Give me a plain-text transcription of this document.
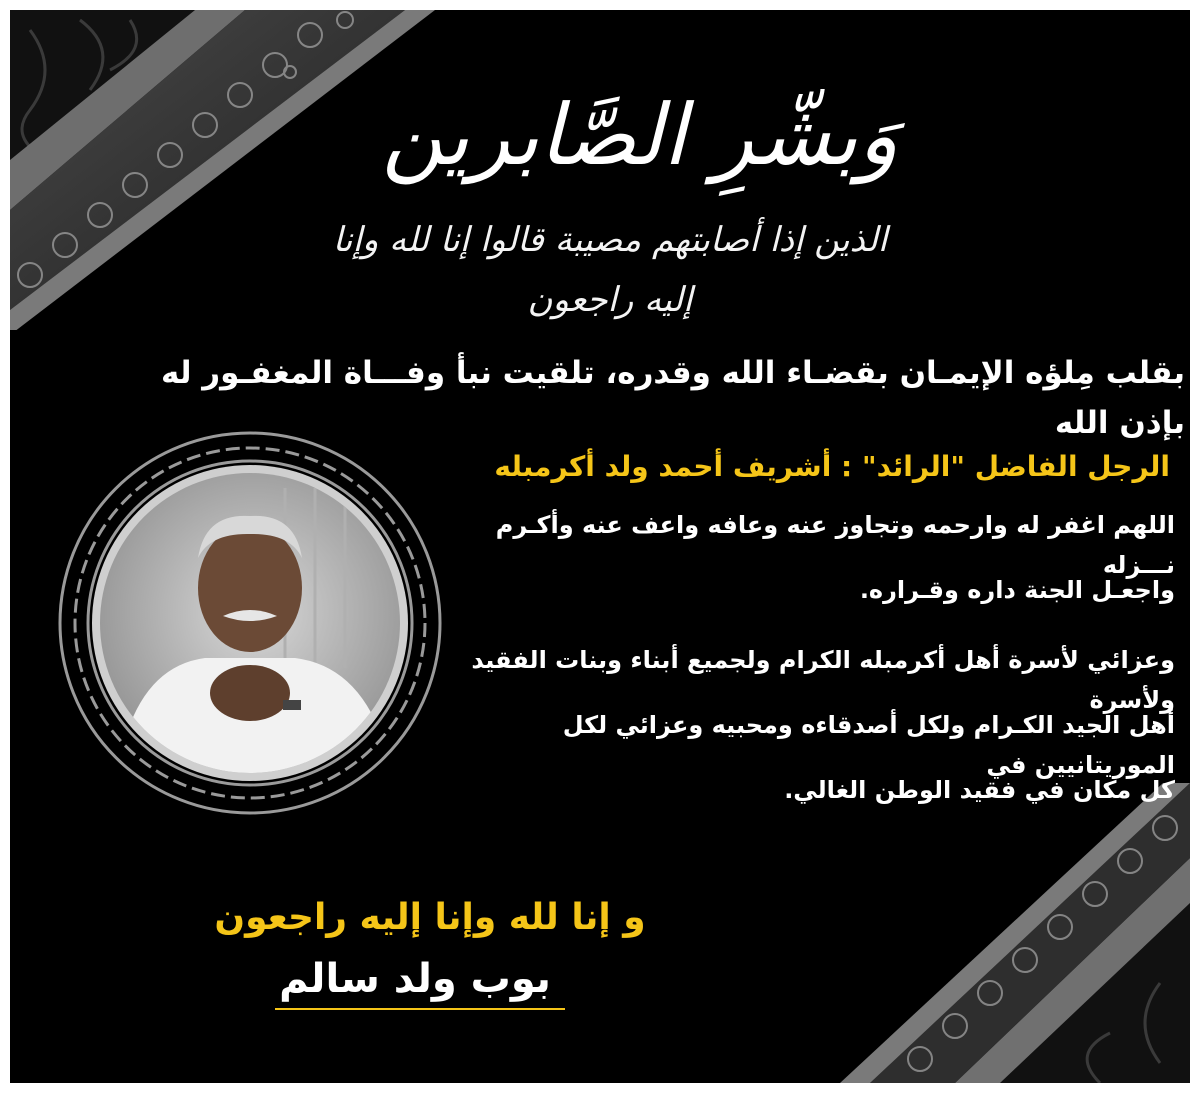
وَبشّرِ الصَّابرين
الذين إذا أصابتهم مصيبة قالوا إنا لله وإنا إليه راجعون
بقلب مِلؤه الإيمـان بقضـاء الله وقدره، تلقيت نبأ وفـــاة المغفـور له بإذن الله
الرجل الفاضل "الرائد" : أشريف أحمد ولد أكرمبله
اللهم اغفر له وارحمه وتجاوز عنه وعافه واعف عنه وأكـرم نـــزله
واجعـل الجنة داره وقـراره.
وعزائي لأسرة أهل أكرمبله الكرام ولجميع أبناء وبنات الفقيد ولأسرة
أهل الجيد الكـرام ولكل أصدقاءه ومحبيه وعزائي لكل الموريتانيين في
كل مكان في فقيد الوطن الغالي.
و إنا لله وإنا إليه راجعون
بوب ولد سالم
